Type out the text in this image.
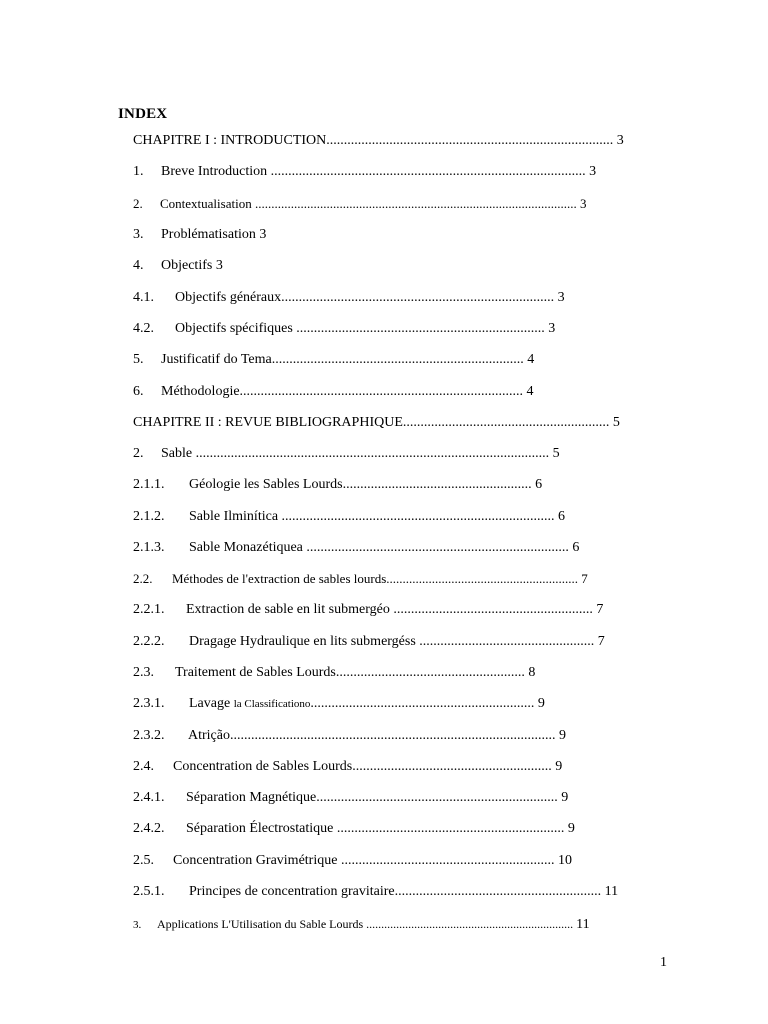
INDEX
CHAPITRE I : INTRODUCTION.................................................................................. 3
1. Breve Introduction .......................................................................................... 3
2. Contextualisation ................................................................................................... 3
3. Problématisation 3
4. Objectifs 3
4.1. Objectifs généraux.............................................................................. 3
4.2. Objectifs spécifiques ....................................................................... 3
5. Justificatif do Tema........................................................................ 4
6. Méthodologie................................................................................. 4
CHAPITRE II : REVUE BIBLIOGRAPHIQUE........................................................... 5
2. Sable ..................................................................................................... 5
2.1.1. Géologie les Sables Lourds...................................................... 6
2.1.2. Sable Ilminítica .............................................................................. 6
2.1.3. Sable Monazétiquea ........................................................................... 6
2.2. Méthodes de l'extraction de sables lourds........................................................... 7
2.2.1. Extraction de sable en lit submergéo ......................................................... 7
2.2.2. Dragage Hydraulique en lits submergéss .................................................. 7
2.3. Traitement de Sables Lourds...................................................... 8
2.3.1. Lavage la Classificationo................................................................ 9
2.3.2. Atrição............................................................................................. 9
2.4. Concentration de Sables Lourds......................................................... 9
2.4.1. Séparation Magnétique..................................................................... 9
2.4.2. Séparation Électrostatique ................................................................. 9
2.5. Concentration Gravimétrique ............................................................. 10
2.5.1. Principes de concentration gravitaire........................................................... 11
3. Applications L'Utilisation du Sable Lourds ..................................................................... 11
1
